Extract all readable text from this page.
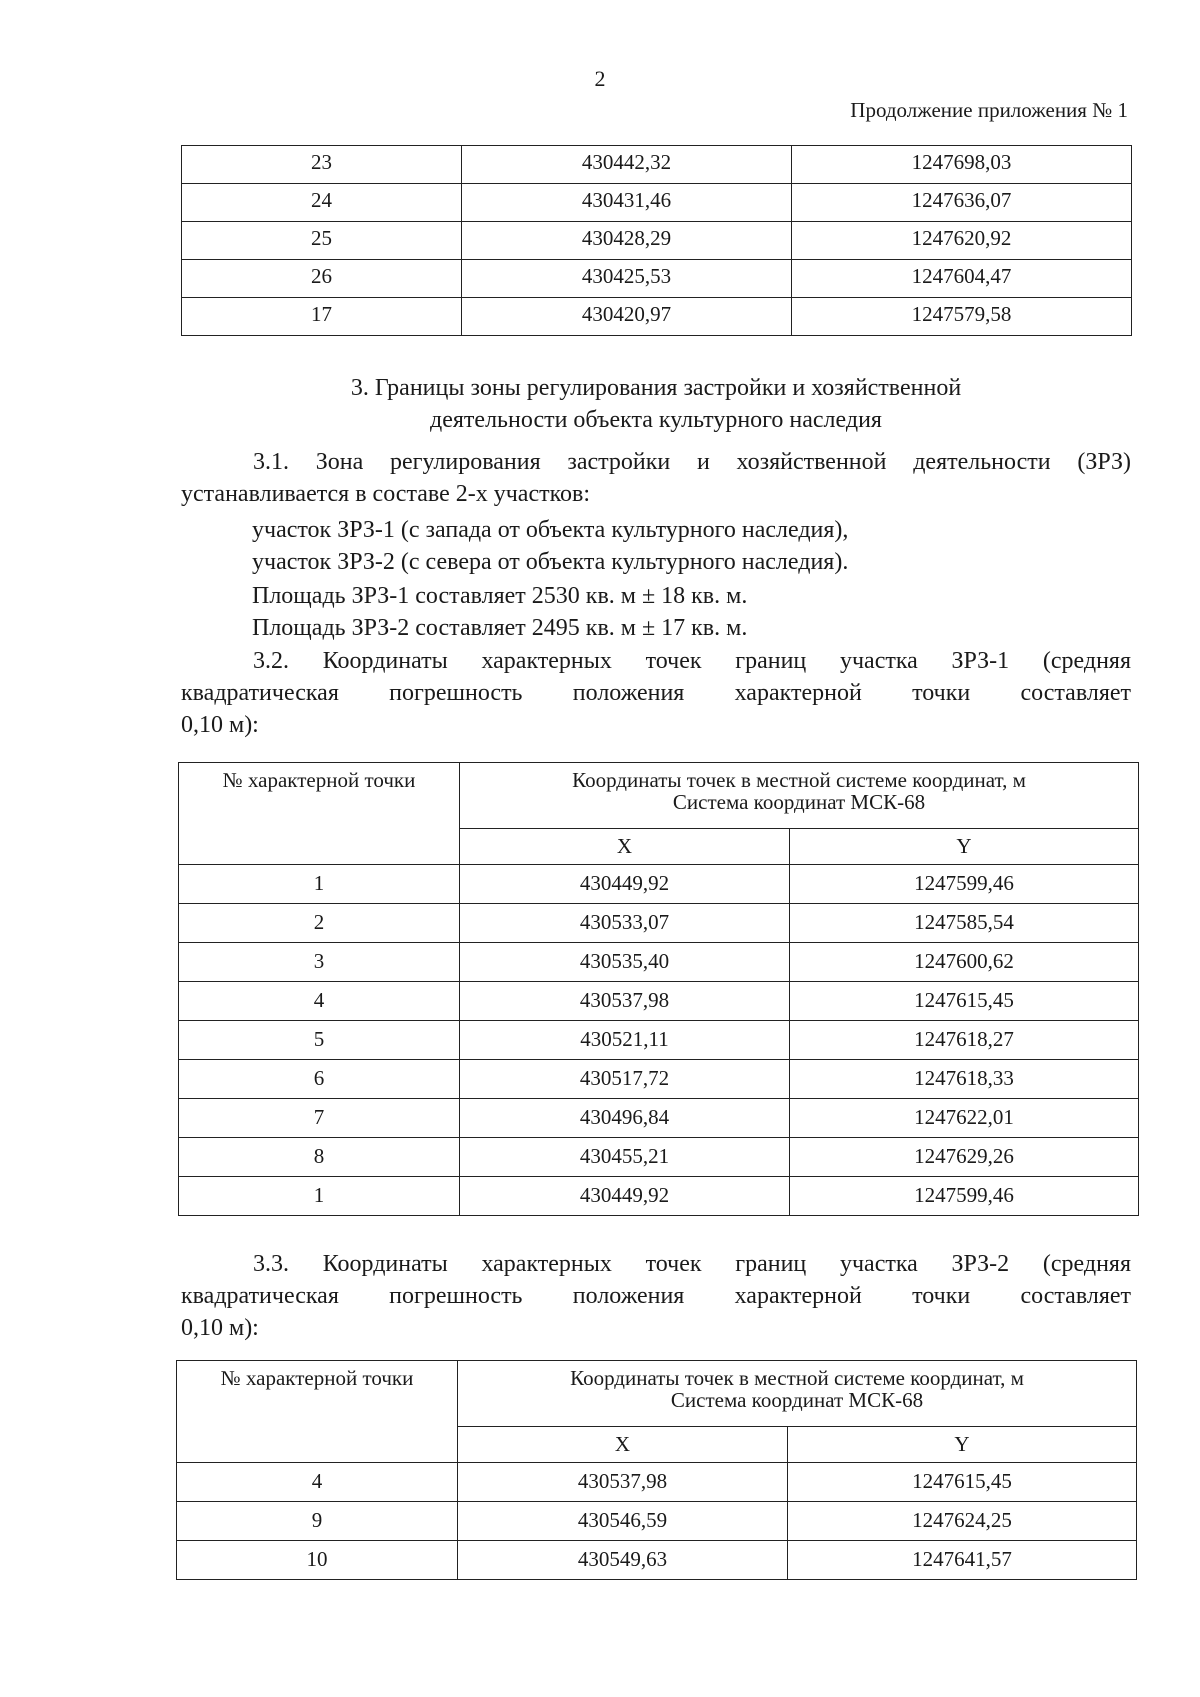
2
Продолжение приложения № 1
23	430442,32	1247698,03
24	430431,46	1247636,07
25	430428,29	1247620,92
26	430425,53	1247604,47
17	430420,97	1247579,58
3. Границы зоны регулирования застройки и хозяйственной
деятельности объекта культурного наследия
3.1. Зона регулирования застройки и хозяйственной деятельности (ЗРЗ)
устанавливается в составе 2-х участков:
участок ЗРЗ-1 (с запада от объекта культурного наследия),
участок ЗРЗ-2 (с севера от объекта культурного наследия).
Площадь ЗРЗ-1 составляет 2530 кв. м ± 18 кв. м.
Площадь ЗРЗ-2 составляет 2495 кв. м ± 17 кв. м.
3.2. Координаты характерных точек границ участка ЗРЗ-1 (средняя
квадратическая погрешность положения характерной точки составляет
0,10 м):
№ характерной точки	Координаты точек в местной системе координат, м
Система координат МСК-68	

	X	Y
1	430449,92	1247599,46
2	430533,07	1247585,54
3	430535,40	1247600,62
4	430537,98	1247615,45
5	430521,11	1247618,27
6	430517,72	1247618,33
7	430496,84	1247622,01
8	430455,21	1247629,26
1	430449,92	1247599,46
3.3. Координаты характерных точек границ участка ЗРЗ-2 (средняя
квадратическая погрешность положения характерной точки составляет
0,10 м):
№ характерной точки	Координаты точек в местной системе координат, м
Система координат МСК-68	

	X	Y
4	430537,98	1247615,45
9	430546,59	1247624,25
10	430549,63	1247641,57
